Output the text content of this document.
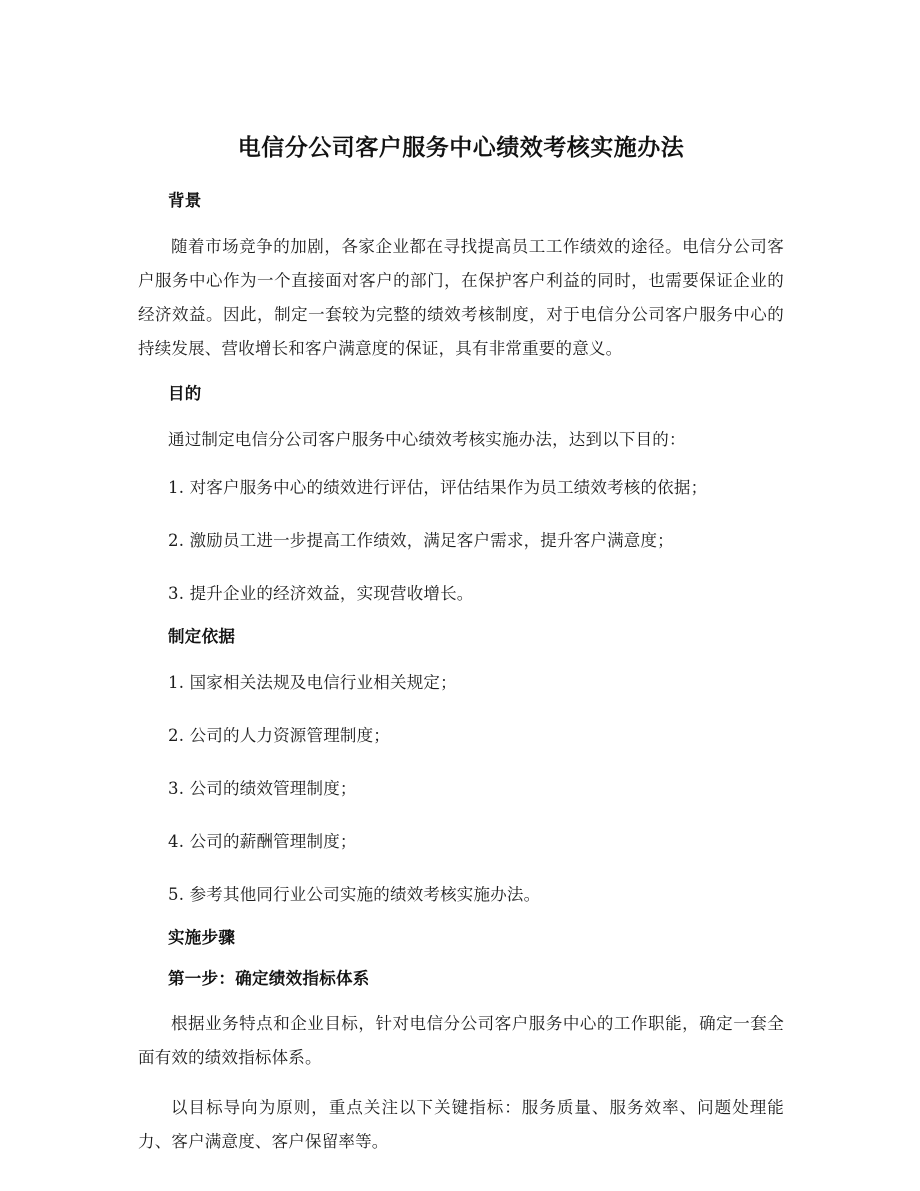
电信分公司客户服务中心绩效考核实施办法
背景

随着市场竞争的加剧，各家企业都在寻找提高员工工作绩效的途径。电信分公司客户服务中心作为一个直接面对客户的部门，在保护客户利益的同时，也需要保证企业的经济效益。因此，制定一套较为完整的绩效考核制度，对于电信分公司客户服务中心的持续发展、营收增长和客户满意度的保证，具有非常重要的意义。

目的

通过制定电信分公司客户服务中心绩效考核实施办法，达到以下目的：

1. 对客户服务中心的绩效进行评估，评估结果作为员工绩效考核的依据；
2. 激励员工进一步提高工作绩效，满足客户需求，提升客户满意度；
3. 提升企业的经济效益，实现营收增长。
制定依据
1. 国家相关法规及电信行业相关规定；
2. 公司的人力资源管理制度；
3. 公司的绩效管理制度；
4. 公司的薪酬管理制度；
5. 参考其他同行业公司实施的绩效考核实施办法。
实施步骤
第一步：确定绩效指标体系

根据业务特点和企业目标，针对电信分公司客户服务中心的工作职能，确定一套全面有效的绩效指标体系。

以目标导向为原则，重点关注以下关键指标：服务质量、服务效率、问题处理能力、客户满意度、客户保留率等。
